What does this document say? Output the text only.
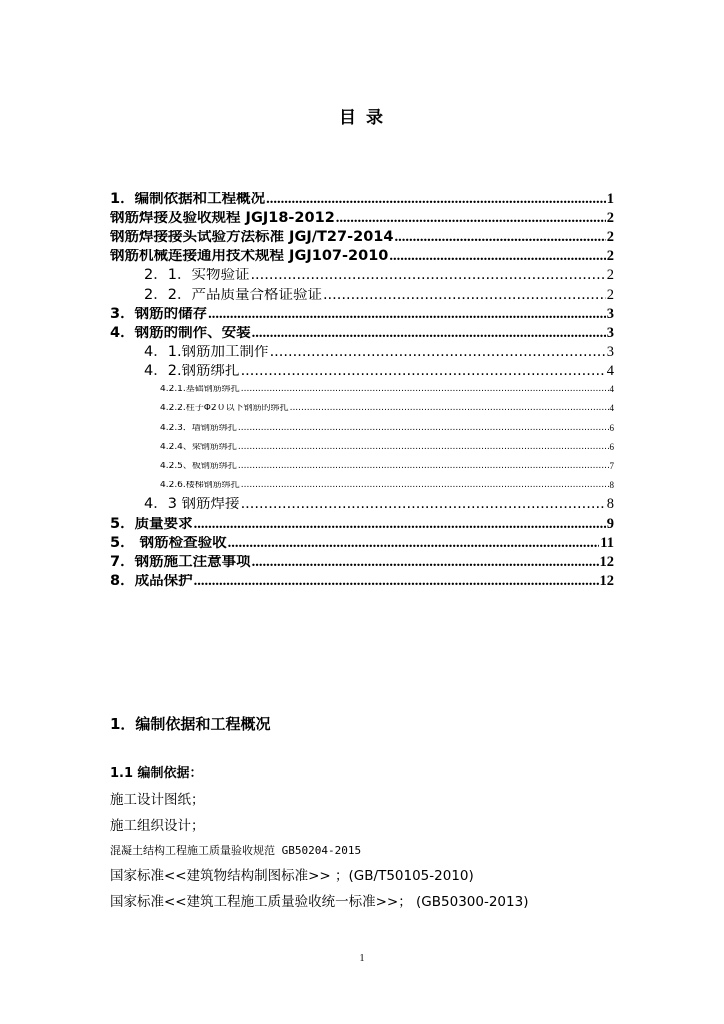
目 录
1．编制依据和工程概况 .....	1
钢筋焊接及验收规程 JGJ18-2012 .....	2
钢筋焊接接头试验方法标准 JGJ/T27-2014 .....	2
钢筋机械连接通用技术规程 JGJ107-2010 .....	2
2．1．实物验证 .....	2
2．2．产品质量合格证验证 .....	2
3．钢筋的储存 .....	3
4．钢筋的制作、安装 .....	3
4．1.钢筋加工制作 .....	3
4．2.钢筋绑扎 .....	4
4.2.1.基础钢筋绑扎 .....	4
4.2.2.柱子Φ2０以下钢筋的绑扎 .....	4
4.2.3．墙钢筋绑扎 .....	6
4.2.4、梁钢筋绑扎 .....	6
4.2.5、板钢筋绑扎 .....	7
4.2.6.楼梯钢筋绑扎 .....	8
4．3 钢筋焊接 .....	8
5．质量要求 .....	9
5． 钢筋检查验收 .....	11
7．钢筋施工注意事项 .....	12
8．成品保护 .....	12
1．编制依据和工程概况
1.1 编制依据：
施工设计图纸；
施工组织设计；
混凝土结构工程施工质量验收规范 GB50204-2015
国家标准<<建筑物结构制图标准>> ；(GB/T50105-2010)
国家标准<<建筑工程施工质量验收统一标准>>； (GB50300-2013)
1
